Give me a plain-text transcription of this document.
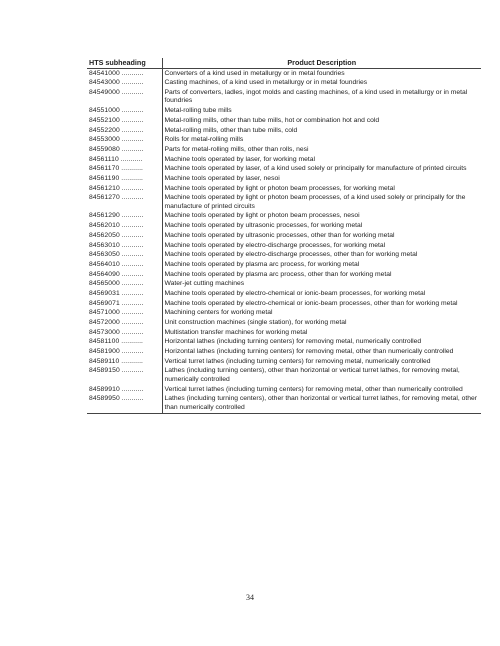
HTS subheading	Product Description
84541000 ...........	Converters of a kind used in metallurgy or in metal foundries
84543000 ...........	Casting machines, of a kind used in metallurgy or in metal foundries
84549000 ...........	Parts of converters, ladles, ingot molds and casting machines, of a kind used in metallurgy or in metal foundries
84551000 ...........	Metal-rolling tube mills
84552100 ...........	Metal-rolling mills, other than tube mills, hot or combination hot and cold
84552200 ...........	Metal-rolling mills, other than tube mills, cold
84553000 ...........	Rolls for metal-rolling mills
84559080 ...........	Parts for metal-rolling mills, other than rolls, nesi
84561110 ...........	Machine tools operated by laser, for working metal
84561170 ...........	Machine tools operated by laser, of a kind used solely or principally for manufacture of printed circuits
84561190 ...........	Machine tools operated by laser, nesoi
84561210 ...........	Machine tools operated by light or photon beam processes, for working metal
84561270 ...........	Machine tools operated by light or photon beam processes, of a kind used solely or principally for the manufacture of printed circuits
84561290 ...........	Machine tools operated by light or photon beam processes, nesoi
84562010 ...........	Machine tools operated by ultrasonic processes, for working metal
84562050 ...........	Machine tools operated by ultrasonic processes, other than for working metal
84563010 ...........	Machine tools operated by electro-discharge processes, for working metal
84563050 ...........	Machine tools operated by electro-discharge processes, other than for working metal
84564010 ...........	Machine tools operated by plasma arc process, for working metal
84564090 ...........	Machine tools operated by plasma arc process, other than for working metal
84565000 ...........	Water-jet cutting machines
84569031 ...........	Machine tools operated by electro-chemical or ionic-beam processes, for working metal
84569071 ...........	Machine tools operated by electro-chemical or ionic-beam processes, other than for working metal
84571000 ...........	Machining centers for working metal
84572000 ...........	Unit construction machines (single station), for working metal
84573000 ...........	Multistation transfer machines for working metal
84581100 ...........	Horizontal lathes (including turning centers) for removing metal, numerically controlled
84581900 ...........	Horizontal lathes (including turning centers) for removing metal, other than numerically controlled
84589110 ...........	Vertical turret lathes (including turning centers) for removing metal, numerically controlled
84589150 ...........	Lathes (including turning centers), other than horizontal or vertical turret lathes, for removing metal, numerically controlled
84589910 ...........	Vertical turret lathes (including turning centers) for removing metal, other than numerically controlled
84589950 ...........	Lathes (including turning centers), other than horizontal or vertical turret lathes, for removing metal, other than numerically controlled
34
